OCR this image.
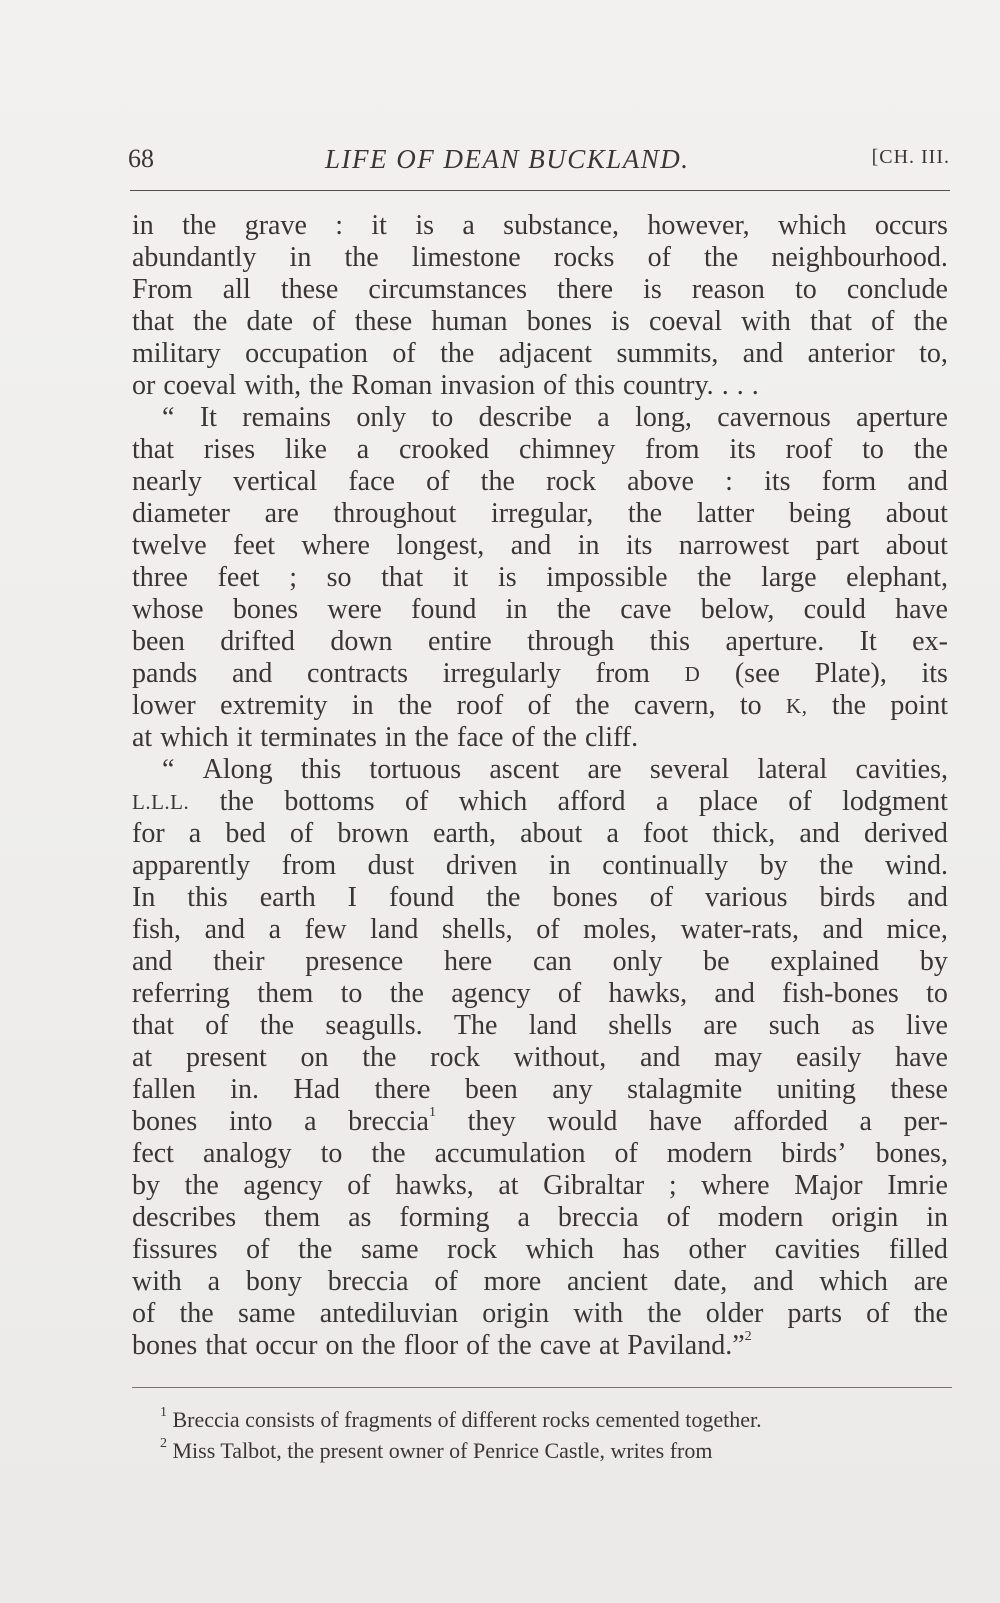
68	LIFE OF DEAN BUCKLAND.	[CH. III.
in the grave : it is a substance, however, which occurs
abundantly in the limestone rocks of the neighbourhood.
From all these circumstances there is reason to conclude
that the date of these human bones is coeval with that of the
military occupation of the adjacent summits, and anterior to,
or coeval with, the Roman invasion of this country. . . .
“ It remains only to describe a long, cavernous aperture
that rises like a crooked chimney from its roof to the
nearly vertical face of the rock above : its form and
diameter are throughout irregular, the latter being about
twelve feet where longest, and in its narrowest part about
three feet ; so that it is impossible the large elephant,
whose bones were found in the cave below, could have
been drifted down entire through this aperture. It ex-
pands and contracts irregularly from D (see Plate), its
lower extremity in the roof of the cavern, to K, the point
at which it terminates in the face of the cliff.
“ Along this tortuous ascent are several lateral cavities,
L.L.L. the bottoms of which afford a place of lodgment
for a bed of brown earth, about a foot thick, and derived
apparently from dust driven in continually by the wind.
In this earth I found the bones of various birds and
fish, and a few land shells, of moles, water-rats, and mice,
and their presence here can only be explained by
referring them to the agency of hawks, and fish-bones to
that of the seagulls. The land shells are such as live
at present on the rock without, and may easily have
fallen in. Had there been any stalagmite uniting these
bones into a breccia$^1$ they would have afforded a per-
fect analogy to the accumulation of modern birds’ bones,
by the agency of hawks, at Gibraltar ; where Major Imrie
describes them as forming a breccia of modern origin in
fissures of the same rock which has other cavities filled
with a bony breccia of more ancient date, and which are
of the same antediluvian origin with the older parts of the
bones that occur on the floor of the cave at Paviland.”$^2$
$^1$ Breccia consists of fragments of different rocks cemented together.
$^2$ Miss Talbot, the present owner of Penrice Castle, writes from
